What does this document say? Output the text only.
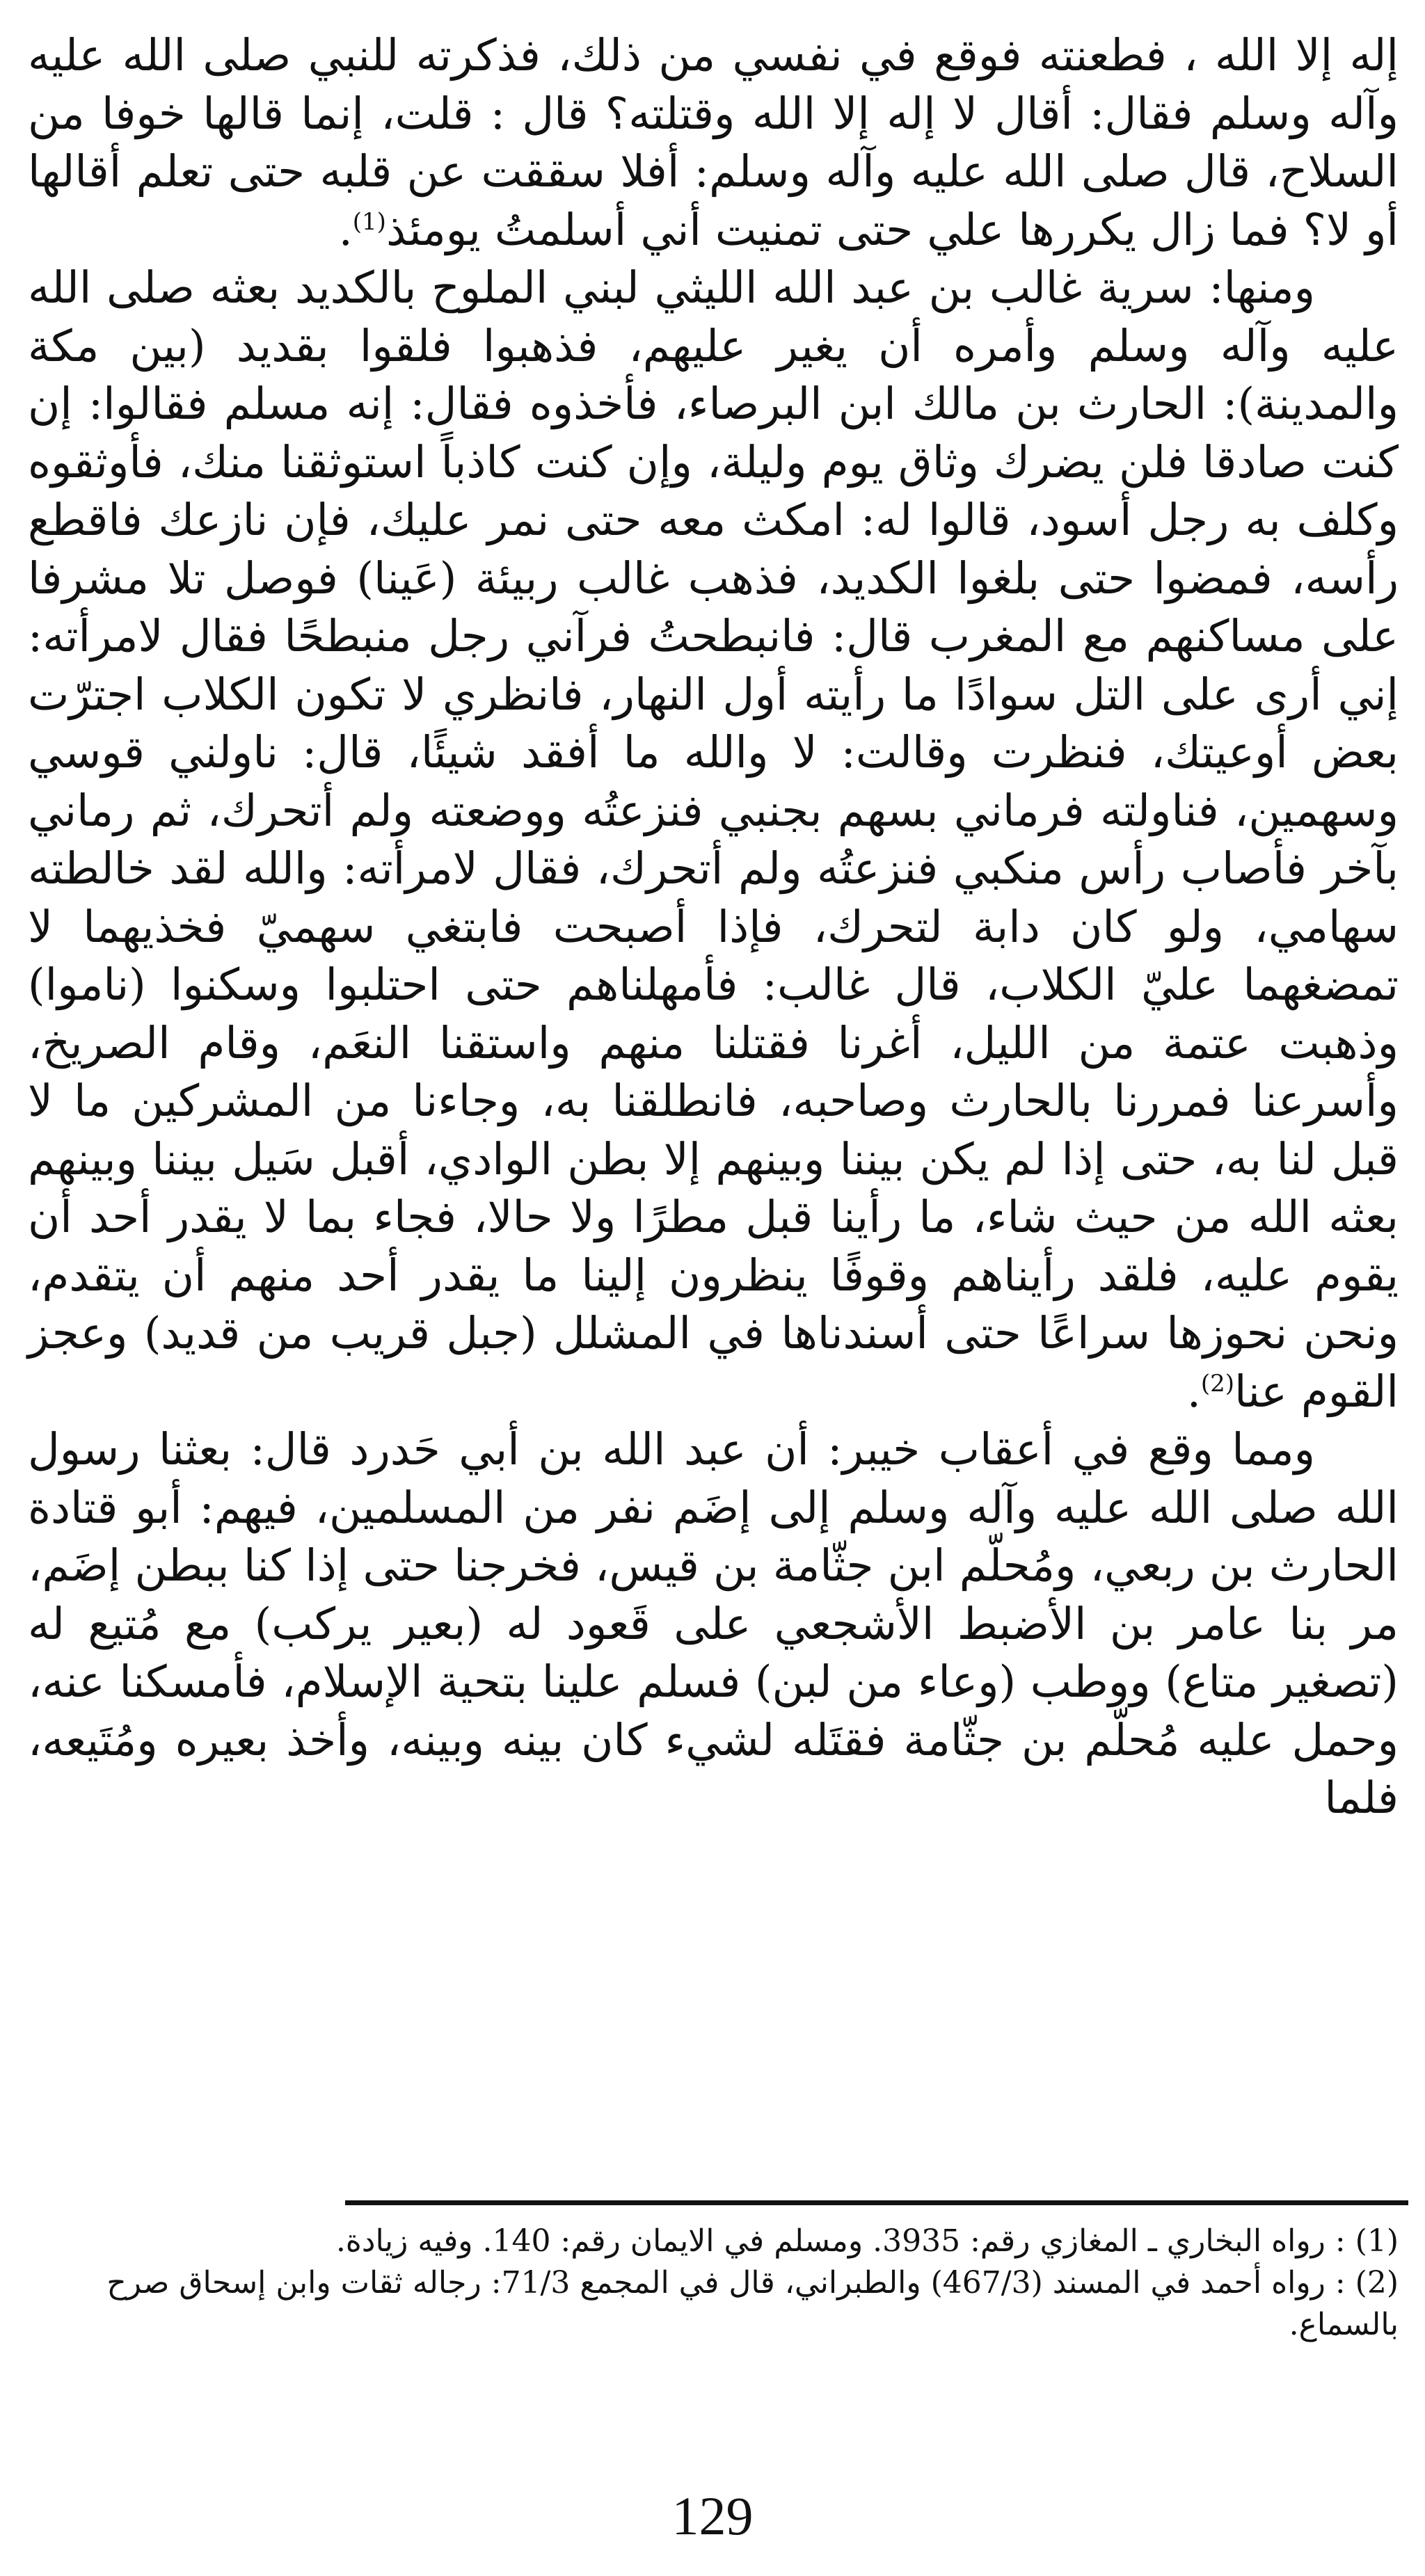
إله إلا الله ، فطعنته فوقع في نفسي من ذلك، فذكرته للنبي صلى الله عليه وآله وسلم فقال: أقال لا إله إلا الله وقتلته؟ قال : قلت، إنما قالها خوفا من السلاح، قال صلى الله عليه وآله وسلم: أفلا سققت عن قلبه حتى تعلم أقالها أو لا؟ فما زال يكررها علي حتى تمنيت أني أسلمتُ يومئذ$^{(1)}$.

ومنها: سرية غالب بن عبد الله الليثي لبني الملوح بالكديد بعثه صلى الله عليه وآله وسلم وأمره أن يغير عليهم، فذهبوا فلقوا بقديد (بين مكة والمدينة): الحارث بن مالك ابن البرصاء، فأخذوه فقال: إنه مسلم فقالوا: إن كنت صادقا فلن يضرك وثاق يوم وليلة، وإن كنت كاذباً استوثقنا منك، فأوثقوه وكلف به رجل أسود، قالوا له: امكث معه حتى نمر عليك، فإن نازعك فاقطع رأسه، فمضوا حتى بلغوا الكديد، فذهب غالب ربيئة (عَينا) فوصل تلا مشرفا على مساكنهم مع المغرب قال: فانبطحتُ فرآني رجل منبطحًا فقال لامرأته: إني أرى على التل سوادًا ما رأيته أول النهار، فانظري لا تكون الكلاب اجترّت بعض أوعيتك، فنظرت وقالت: لا والله ما أفقد شيئًا، قال: ناولني قوسي وسهمين، فناولته فرماني بسهم بجنبي فنزعتُه ووضعته ولم أتحرك، ثم رماني بآخر فأصاب رأس منكبي فنزعتُه ولم أتحرك، فقال لامرأته: والله لقد خالطته سهامي، ولو كان دابة لتحرك، فإذا أصبحت فابتغي سهميّ فخذيهما لا تمضغهما عليّ الكلاب، قال غالب: فأمهلناهم حتى احتلبوا وسكنوا (ناموا) وذهبت عتمة من الليل، أغرنا فقتلنا منهم واستقنا النعَم، وقام الصريخ، وأسرعنا فمررنا بالحارث وصاحبه، فانطلقنا به، وجاءنا من المشركين ما لا قبل لنا به، حتى إذا لم يكن بيننا وبينهم إلا بطن الوادي، أقبل سَيل بيننا وبينهم بعثه الله من حيث شاء، ما رأينا قبل مطرًا ولا حالا، فجاء بما لا يقدر أحد أن يقوم عليه، فلقد رأيناهم وقوفًا ينظرون إلينا ما يقدر أحد منهم أن يتقدم، ونحن نحوزها سراعًا حتى أسندناها في المشلل (جبل قريب من قديد) وعجز القوم عنا$^{(2)}$.

ومما وقع في أعقاب خيبر: أن عبد الله بن أبي حَدرد قال: بعثنا رسول الله صلى الله عليه وآله وسلم إلى إضَم نفر من المسلمين، فيهم: أبو قتادة الحارث بن ربعي، ومُحلّم ابن جثّامة بن قيس، فخرجنا حتى إذا كنا ببطن إضَم، مر بنا عامر بن الأضبط الأشجعي على قَعود له (بعير يركب) مع مُتيع له (تصغير متاع) ووطب (وعاء من لبن) فسلم علينا بتحية الإسلام، فأمسكنا عنه، وحمل عليه مُحلّم بن جثّامة فقتَله لشيء كان بينه وبينه، وأخذ بعيره ومُتَيعه، فلما

(1) : رواه البخاري ـ المغازي رقم: 3935. ومسلم في الايمان رقم: 140. وفيه زيادة.

(2) : رواه أحمد في المسند (467/3) والطبراني، قال في المجمع 71/3: رجاله ثقات وابن إسحاق صرح بالسماع.

129
